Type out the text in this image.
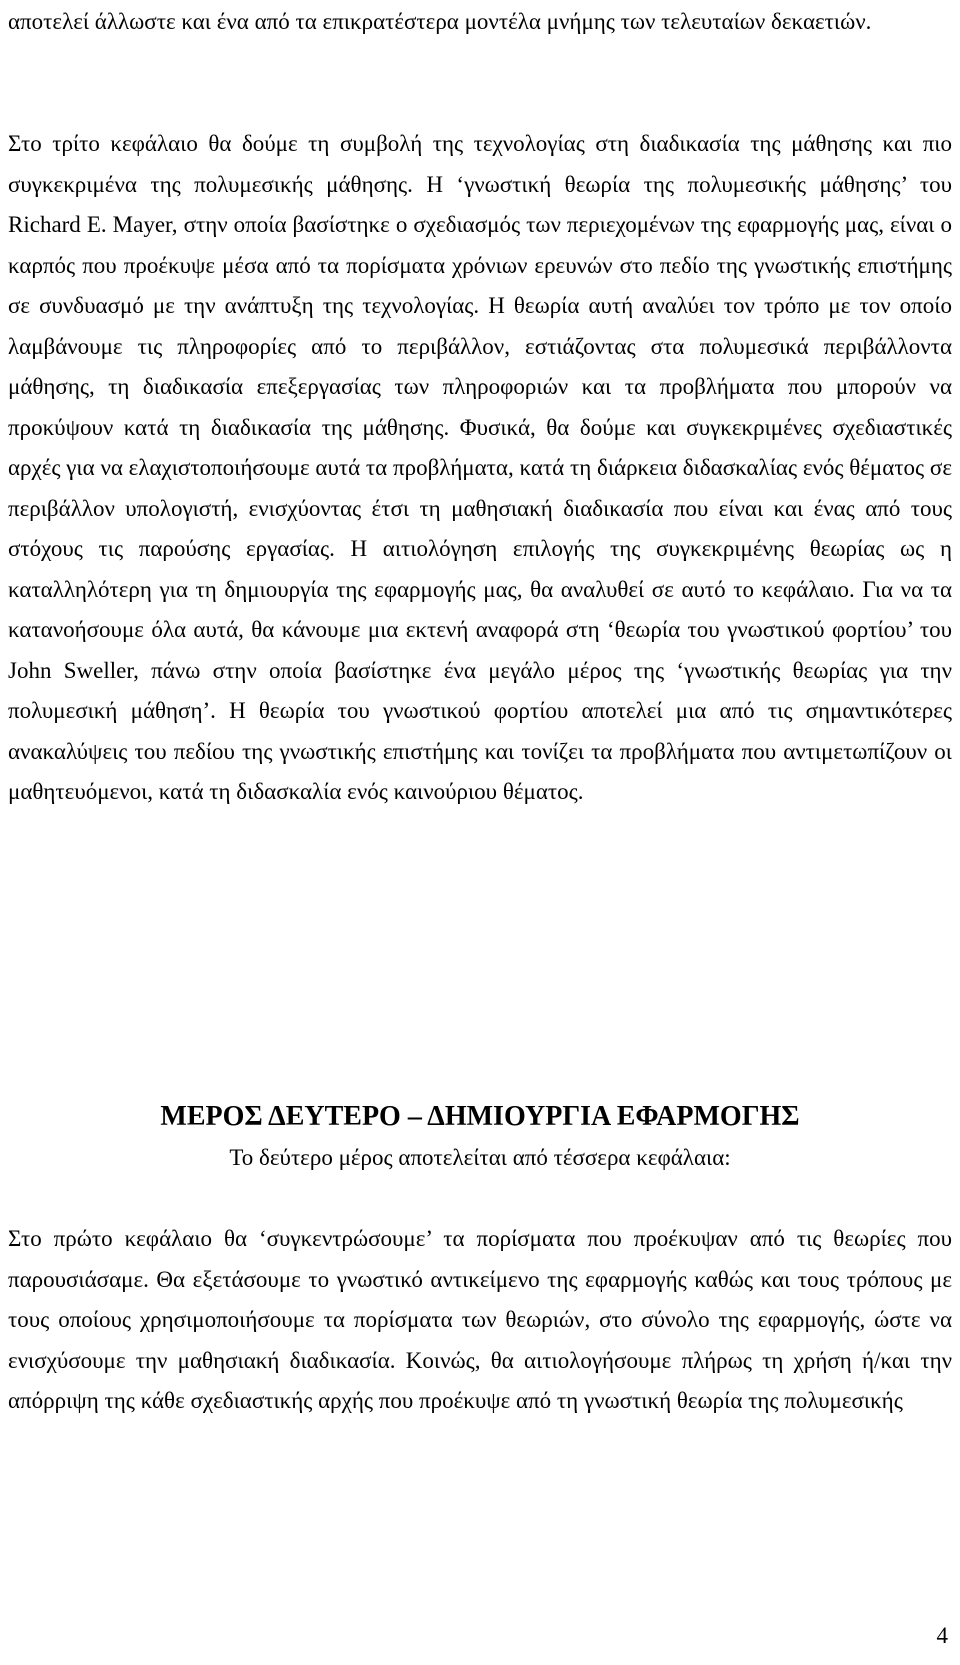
αποτελεί άλλωστε και ένα από τα επικρατέστερα μοντέλα μνήμης των τελευταίων δεκαετιών.

Στο τρίτο κεφάλαιο θα δούμε τη συμβολή της τεχνολογίας στη διαδικασία της μάθησης και πιο συγκεκριμένα της πολυμεσικής μάθησης. Η ‘γνωστική θεωρία της πολυμεσικής μάθησης’ του Richard E. Mayer, στην οποία βασίστηκε ο σχεδιασμός των περιεχομένων της εφαρμογής μας, είναι ο καρπός που προέκυψε μέσα από τα πορίσματα χρόνιων ερευνών στο πεδίο της γνωστικής επιστήμης σε συνδυασμό με την ανάπτυξη της τεχνολογίας. Η θεωρία αυτή αναλύει τον τρόπο με τον οποίο λαμβάνουμε τις πληροφορίες από το περιβάλλον, εστιάζοντας στα πολυμεσικά περιβάλλοντα μάθησης, τη διαδικασία επεξεργασίας των πληροφοριών και τα προβλήματα που μπορούν να προκύψουν κατά τη διαδικασία της μάθησης. Φυσικά, θα δούμε και συγκεκριμένες σχεδιαστικές αρχές για να ελαχιστοποιήσουμε αυτά τα προβλήματα, κατά τη διάρκεια διδασκαλίας ενός θέματος σε περιβάλλον υπολογιστή, ενισχύοντας έτσι τη μαθησιακή διαδικασία που είναι και ένας από τους στόχους τις παρούσης εργασίας. Η αιτιολόγηση επιλογής της συγκεκριμένης θεωρίας ως η καταλληλότερη για τη δημιουργία της εφαρμογής μας, θα αναλυθεί σε αυτό το κεφάλαιο. Για να τα κατανοήσουμε όλα αυτά, θα κάνουμε μια εκτενή αναφορά στη ‘θεωρία του γνωστικού φορτίου’ του John Sweller, πάνω στην οποία βασίστηκε ένα μεγάλο μέρος της ‘γνωστικής θεωρίας για την πολυμεσική μάθηση’. Η θεωρία του γνωστικού φορτίου αποτελεί μια από τις σημαντικότερες ανακαλύψεις του πεδίου της γνωστικής επιστήμης και τονίζει τα προβλήματα που αντιμετωπίζουν οι μαθητευόμενοι, κατά τη διδασκαλία ενός καινούριου θέματος.

ΜΕΡΟΣ ΔΕΥΤΕΡΟ – ΔΗΜΙΟΥΡΓΙΑ ΕΦΑΡΜΟΓΗΣ

Το δεύτερο μέρος αποτελείται από τέσσερα κεφάλαια:

Στο πρώτο κεφάλαιο θα ‘συγκεντρώσουμε’ τα πορίσματα που προέκυψαν από τις θεωρίες που παρουσιάσαμε. Θα εξετάσουμε το γνωστικό αντικείμενο της εφαρμογής καθώς και τους τρόπους με τους οποίους χρησιμοποιήσουμε τα πορίσματα των θεωριών, στο σύνολο της εφαρμογής, ώστε να ενισχύσουμε την μαθησιακή διαδικασία. Κοινώς, θα αιτιολογήσουμε πλήρως τη χρήση ή/και την απόρριψη της κάθε σχεδιαστικής αρχής που προέκυψε από τη γνωστική θεωρία της πολυμεσικής

4
